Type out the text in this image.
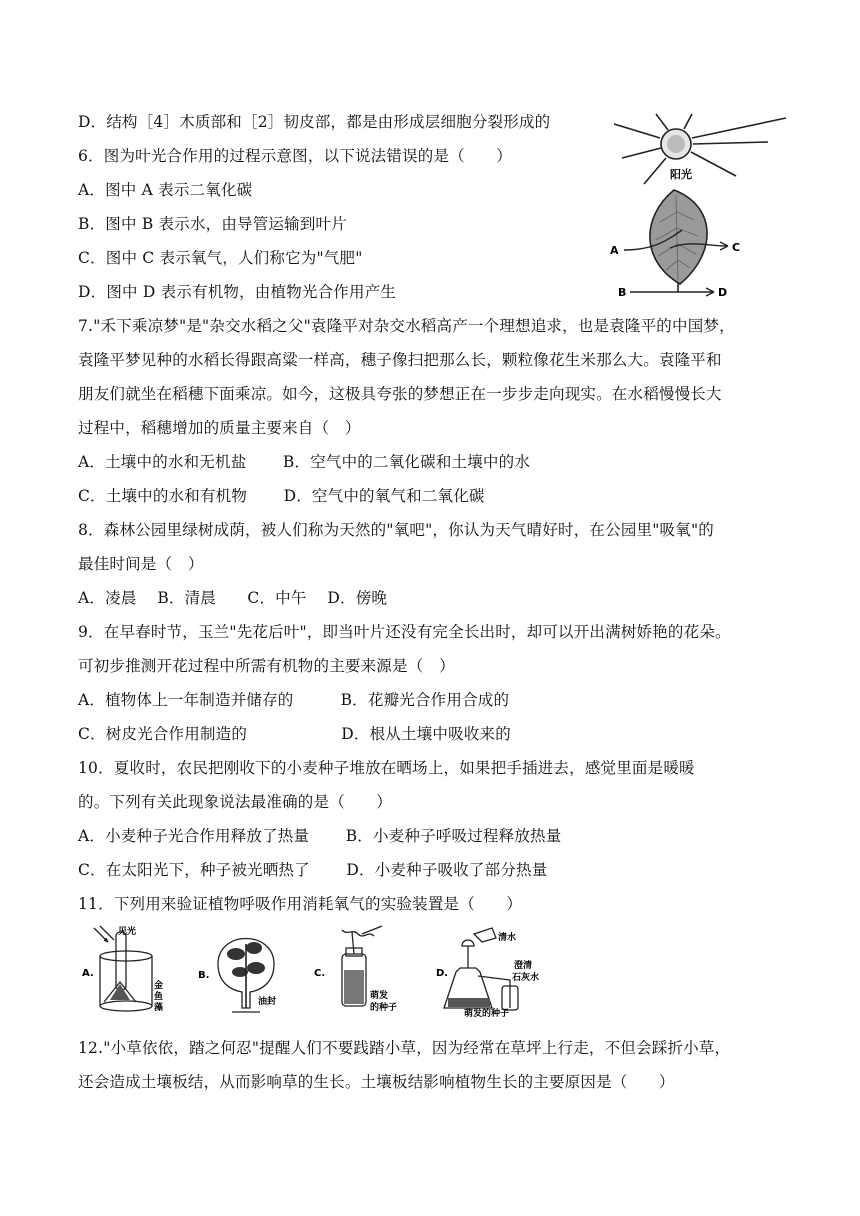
D．结构［4］木质部和［2］韧皮部，都是由形成层细胞分裂形成的
6．图为叶光合作用的过程示意图，以下说法错误的是（　　）
A．图中 A 表示二氧化碳
B．图中 B 表示水，由导管运输到叶片
C．图中 C 表示氧气，人们称它为"气肥"
D．图中 D 表示有机物，由植物光合作用产生
7."禾下乘凉梦"是"杂交水稻之父"袁隆平对杂交水稻高产一个理想追求，也是袁隆平的中国梦，
袁隆平梦见种的水稻长得跟高粱一样高，穗子像扫把那么长，颗粒像花生米那么大。袁隆平和
朋友们就坐在稻穗下面乘凉。如今，这极具夸张的梦想正在一步步走向现实。在水稻慢慢长大
过程中，稻穗增加的质量主要来自（　）
A．土壤中的水和无机盐　　 B．空气中的二氧化碳和土壤中的水
C．土壤中的水和有机物　　 D．空气中的氧气和二氧化碳
8．森林公园里绿树成荫，被人们称为天然的"氧吧"，你认为天气晴好时，在公园里"吸氧"的
最佳时间是（　）
A．凌晨　 B．清晨　　C．中午　 D．傍晚
9．在早春时节，玉兰"先花后叶"，即当叶片还没有完全长出时，却可以开出满树娇艳的花朵。
可初步推测开花过程中所需有机物的主要来源是（　）
A．植物体上一年制造并储存的　　　B．花瓣光合作用合成的
C．树皮光合作用制造的　　　　　　D．根从土壤中吸收来的
10．夏收时，农民把刚收下的小麦种子堆放在晒场上，如果把手插进去，感觉里面是暖暖
的。下列有关此现象说法最准确的是（　　）
A．小麦种子光合作用释放了热量　　 B．小麦种子呼吸过程释放热量
C．在太阳光下，种子被光晒热了　　 D．小麦种子吸收了部分热量
11．下列用来验证植物呼吸作用消耗氧气的实验装置是（　　）
12."小草依依，踏之何忍"提醒人们不要践踏小草，因为经常在草坪上行走，不但会踩折小草，
还会造成土壤板结，从而影响草的生长。土壤板结影响植物生长的主要原因是（　　）
阳光
A	C
B	D
A.
见光
金
鱼
藻
B.
油封
C.
萌发
的种子
D.
清水
澄清
石灰水
萌发的种子
